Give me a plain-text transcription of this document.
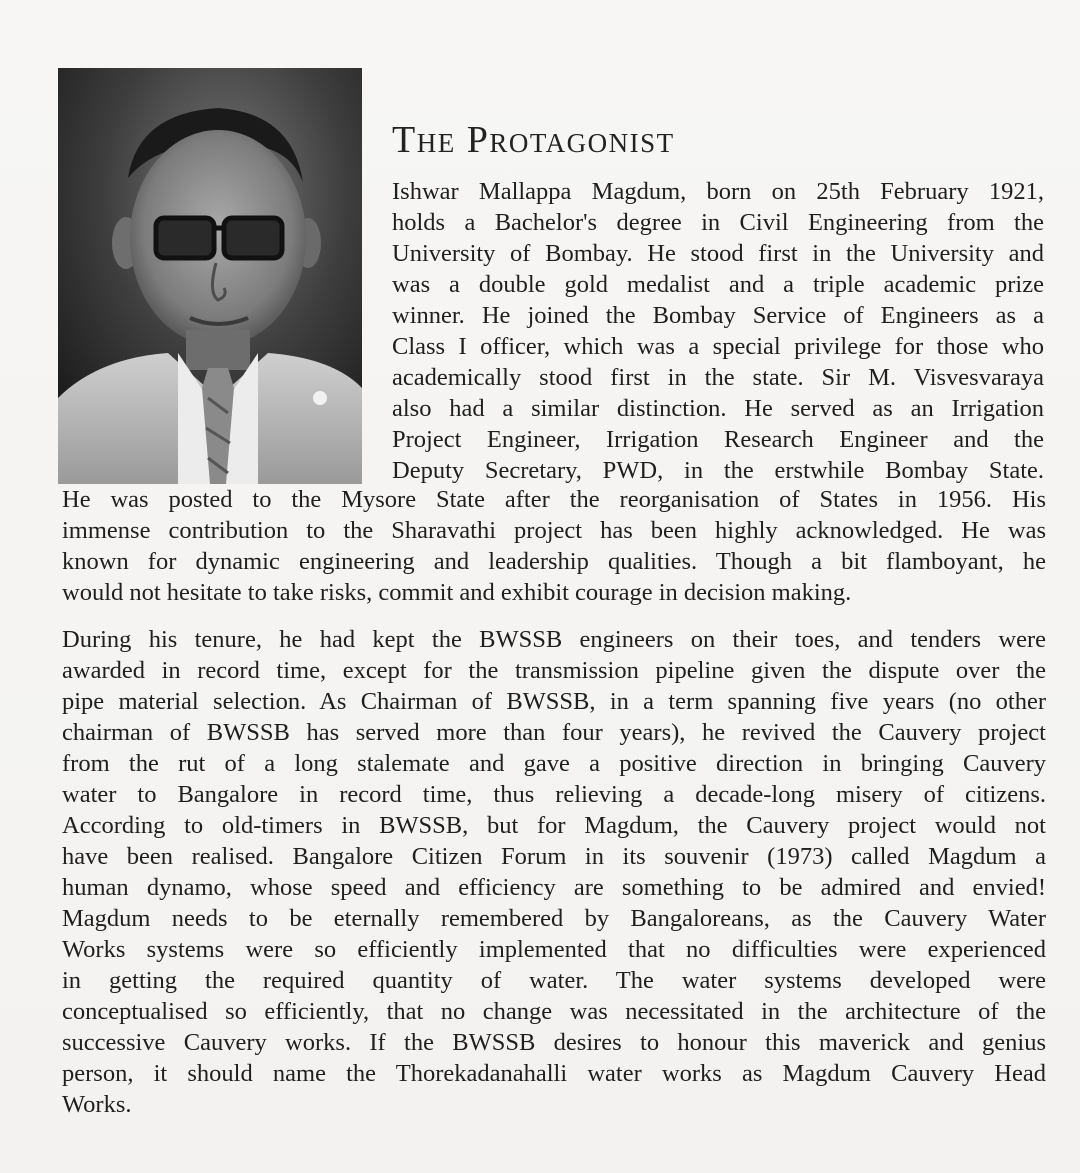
The Protagonist
Ishwar Mallappa Magdum, born on 25th February 1921,
holds a Bachelor's degree in Civil Engineering from the
University of Bombay. He stood first in the University and
was a double gold medalist and a triple academic prize
winner. He joined the Bombay Service of Engineers as a
Class I officer, which was a special privilege for those who
academically stood first in the state. Sir M. Visvesvaraya
also had a similar distinction. He served as an Irrigation
Project Engineer, Irrigation Research Engineer and the
Deputy Secretary, PWD, in the erstwhile Bombay State.
He was posted to the Mysore State after the reorganisation of States in 1956. His
immense contribution to the Sharavathi project has been highly acknowledged. He was
known for dynamic engineering and leadership qualities. Though a bit flamboyant, he
would not hesitate to take risks, commit and exhibit courage in decision making.
During his tenure, he had kept the BWSSB engineers on their toes, and tenders were
awarded in record time, except for the transmission pipeline given the dispute over the
pipe material selection. As Chairman of BWSSB, in a term spanning five years (no other
chairman of BWSSB has served more than four years), he revived the Cauvery project
from the rut of a long stalemate and gave a positive direction in bringing Cauvery
water to Bangalore in record time, thus relieving a decade-long misery of citizens.
According to old-timers in BWSSB, but for Magdum, the Cauvery project would not
have been realised. Bangalore Citizen Forum in its souvenir (1973) called Magdum a
human dynamo, whose speed and efficiency are something to be admired and envied!
Magdum needs to be eternally remembered by Bangaloreans, as the Cauvery Water
Works systems were so efficiently implemented that no difficulties were experienced
in getting the required quantity of water. The water systems developed were
conceptualised so efficiently, that no change was necessitated in the architecture of the
successive Cauvery works. If the BWSSB desires to honour this maverick and genius
person, it should name the Thorekadanahalli water works as Magdum Cauvery Head
Works.
